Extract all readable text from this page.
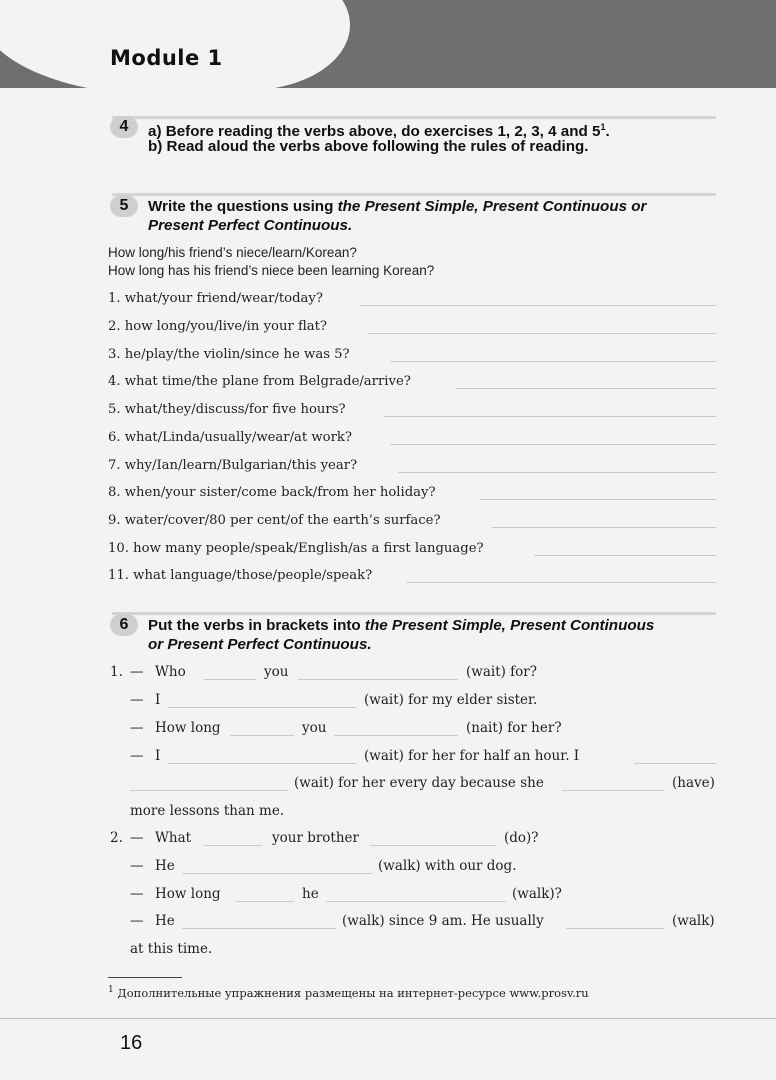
Module 1
4	a) Before reading the verbs above, do exercises 1, 2, 3, 4 and $5^1$.
b) Read aloud the verbs above following the rules of reading.
5	Write the questions using the Present Simple, Present Continuous or
Present Perfect Continuous.
How long/his friend’s niece/learn/Korean?
How long has his friend’s niece been learning Korean?
1. what/your friend/wear/today?
2. how long/you/live/in your flat?
3. he/play/the violin/since he was 5?
4. what time/the plane from Belgrade/arrive?
5. what/they/discuss/for five hours?
6. what/Linda/usually/wear/at work?
7. why/Ian/learn/Bulgarian/this year?
8. when/your sister/come back/from her holiday?
9. water/cover/80 per cent/of the earth’s surface?
10. how many people/speak/English/as a first language?
11. what language/those/people/speak?
6	Put the verbs in brackets into the Present Simple, Present Continuous
or Present Perfect Continuous.
1. — Who	you	(wait) for?
— I	(wait) for my elder sister.
— How long	you	(nait) for her?
— I	(wait) for her for half an hour. I
(wait) for her every day because she	(have)
more lessons than me.
2. — What	your brother	(do)?
— He	(walk) with our dog.
— How long	he	(walk)?
— He	(walk) since 9 am. He usually	(walk)
at this time.
$^1$ Дополнительные упражнения размещены на интернет-ресурсе www.prosv.ru
16
